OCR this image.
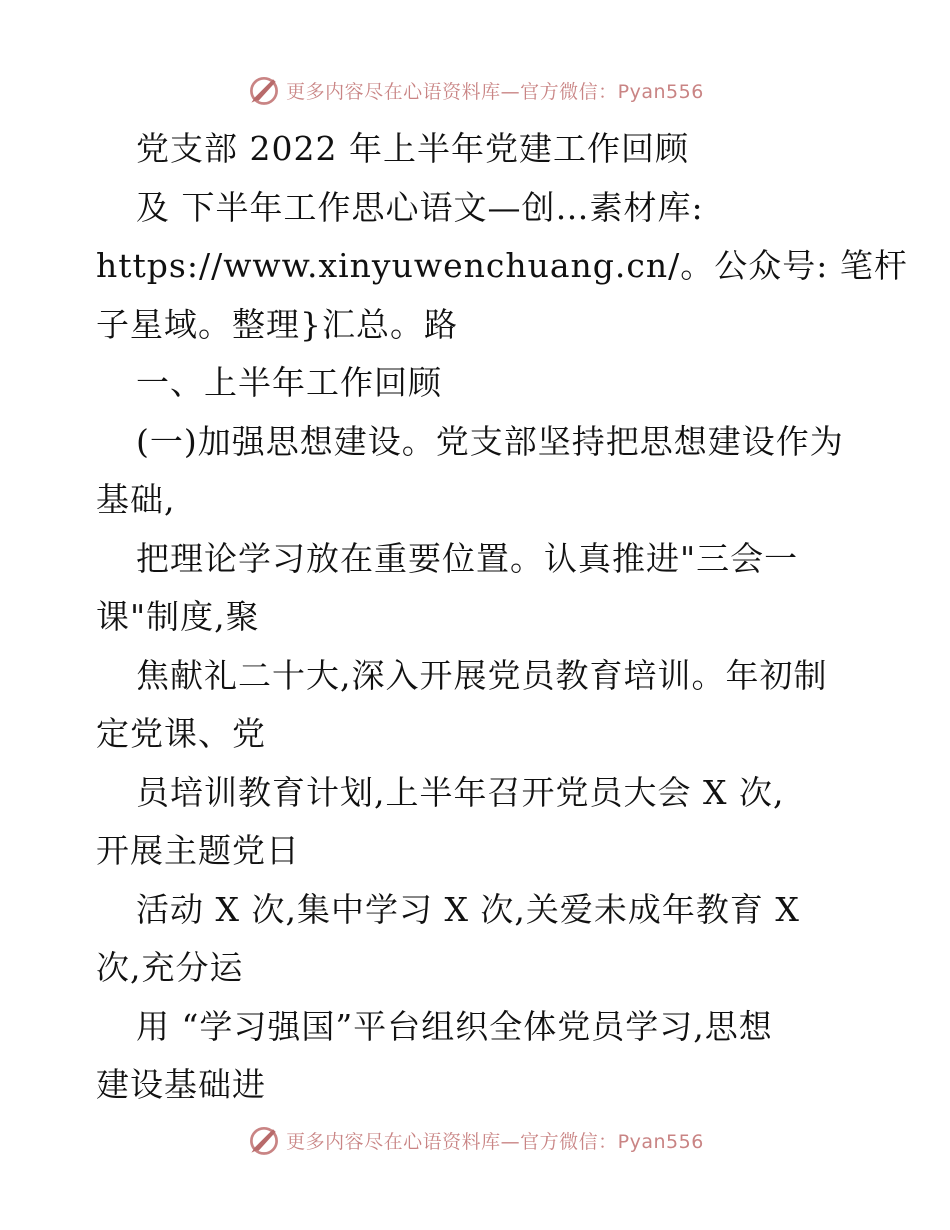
更多内容尽在心语资料库—官方微信：Pyan556
党支部 2022 年上半年党建工作回顾
及 下半年工作思心语文—创…素材库:
https://www.xinyuwenchuang.cn/。公众号: 笔杆
子星域。整理}汇总。路
一、上半年工作回顾
(一)加强思想建设。党支部坚持把思想建设作为
基础,
把理论学习放在重要位置。认真推进"三会一
课"制度,聚
焦献礼二十大,深入开展党员教育培训。年初制
定党课、党
员培训教育计划,上半年召开党员大会 X 次,
开展主题党日
活动 X 次,集中学习 X 次,关爱未成年教育 X
次,充分运
用 “学习强国”平台组织全体党员学习,思想
建设基础进
更多内容尽在心语资料库—官方微信：Pyan556
